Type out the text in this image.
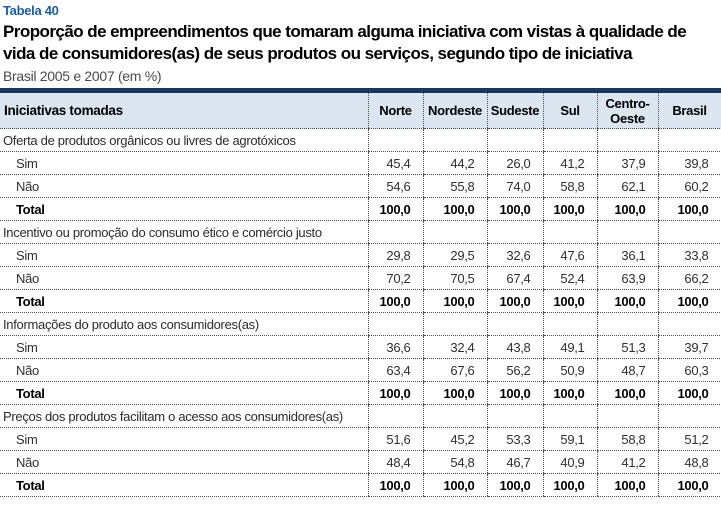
Tabela 40
Proporção de empreendimentos que tomaram alguma iniciativa com vistas à qualidade de vida de consumidores(as) de seus produtos ou serviços, segundo tipo de iniciativa
Brasil 2005 e 2007 (em %)
Iniciativas tomadas	Norte	Nordeste	Sudeste	Sul	Centro-Oeste	Brasil
Oferta de produtos orgânicos ou livres de agrotóxicos						
Sim	45,4	44,2	26,0	41,2	37,9	39,8
Não	54,6	55,8	74,0	58,8	62,1	60,2
Total	100,0	100,0	100,0	100,0	100,0	100,0
Incentivo ou promoção do consumo ético e comércio justo						
Sim	29,8	29,5	32,6	47,6	36,1	33,8
Não	70,2	70,5	67,4	52,4	63,9	66,2
Total	100,0	100,0	100,0	100,0	100,0	100,0
Informações do produto aos consumidores(as)						
Sim	36,6	32,4	43,8	49,1	51,3	39,7
Não	63,4	67,6	56,2	50,9	48,7	60,3
Total	100,0	100,0	100,0	100,0	100,0	100,0
Preços dos produtos facilitam o acesso aos consumidores(as)						
Sim	51,6	45,2	53,3	59,1	58,8	51,2
Não	48,4	54,8	46,7	40,9	41,2	48,8
Total	100,0	100,0	100,0	100,0	100,0	100,0
